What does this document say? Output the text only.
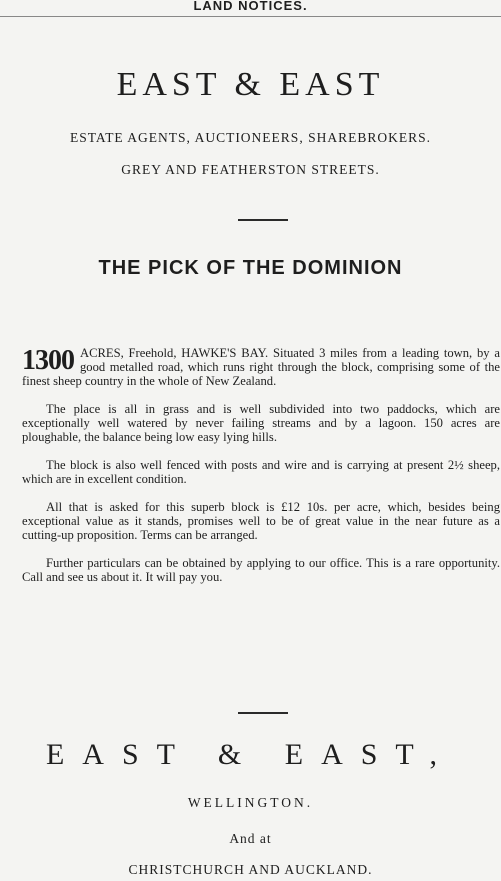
LAND NOTICES.
EAST & EAST
ESTATE AGENTS, AUCTIONEERS, SHAREBROKERS.
GREY AND FEATHERSTON STREETS.
THE PICK OF THE DOMINION

1300 ACRES, Freehold, HAWKE'S BAY. Situated 3 miles from a leading town, by a good metalled road, which runs right through the block, comprising some of the finest sheep country in the whole of New Zealand.

The place is all in grass and is well subdivided into two paddocks, which are exceptionally well watered by never failing streams and by a lagoon. 150 acres are ploughable, the balance being low easy lying hills.

The block is also well fenced with posts and wire and is carrying at present 2½ sheep, which are in excellent condition.

All that is asked for this superb block is £12 10s. per acre, which, besides being exceptional value as it stands, promises well to be of great value in the near future as a cutting-up proposition. Terms can be arranged.

Further particulars can be obtained by applying to our office. This is a rare opportunity. Call and see us about it. It will pay you.

EAST & EAST,
WELLINGTON.
And at
CHRISTCHURCH AND AUCKLAND.
